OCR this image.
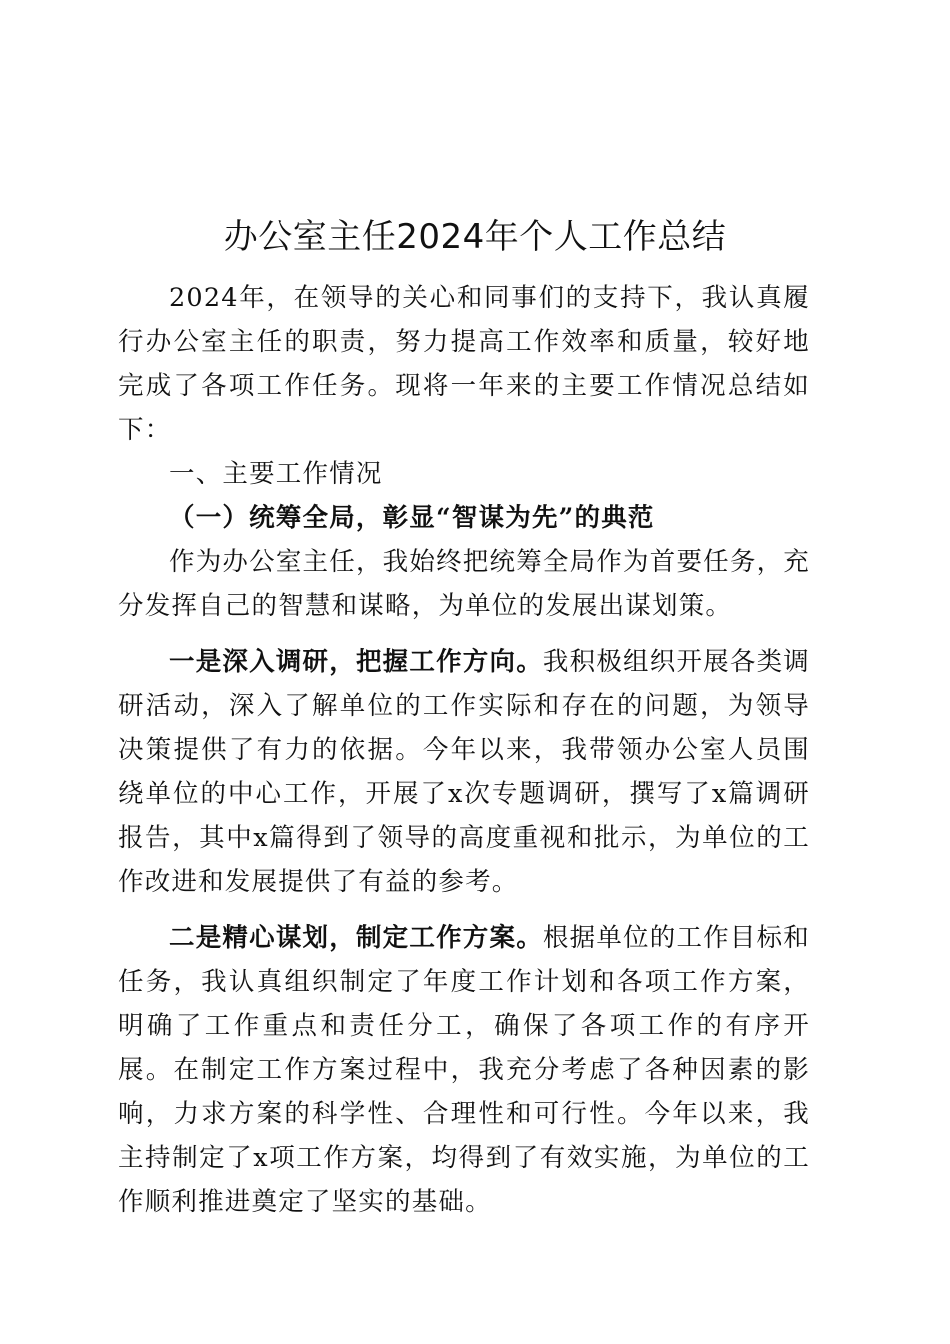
办公室主任2024年个人工作总结

2024年，在领导的关心和同事们的支持下，我认真履行办公室主任的职责，努力提高工作效率和质量，较好地完成了各项工作任务。现将一年来的主要工作情况总结如下：

一、主要工作情况

（一）统筹全局，彰显“智谋为先”的典范

作为办公室主任，我始终把统筹全局作为首要任务，充分发挥自己的智慧和谋略，为单位的发展出谋划策。

一是深入调研，把握工作方向。我积极组织开展各类调研活动，深入了解单位的工作实际和存在的问题，为领导决策提供了有力的依据。今年以来，我带领办公室人员围绕单位的中心工作，开展了x次专题调研，撰写了x篇调研报告，其中x篇得到了领导的高度重视和批示，为单位的工作改进和发展提供了有益的参考。

二是精心谋划，制定工作方案。根据单位的工作目标和任务，我认真组织制定了年度工作计划和各项工作方案，明确了工作重点和责任分工，确保了各项工作的有序开展。在制定工作方案过程中，我充分考虑了各种因素的影响，力求方案的科学性、合理性和可行性。今年以来，我主持制定了x项工作方案，均得到了有效实施，为单位的工作顺利推进奠定了坚实的基础。
